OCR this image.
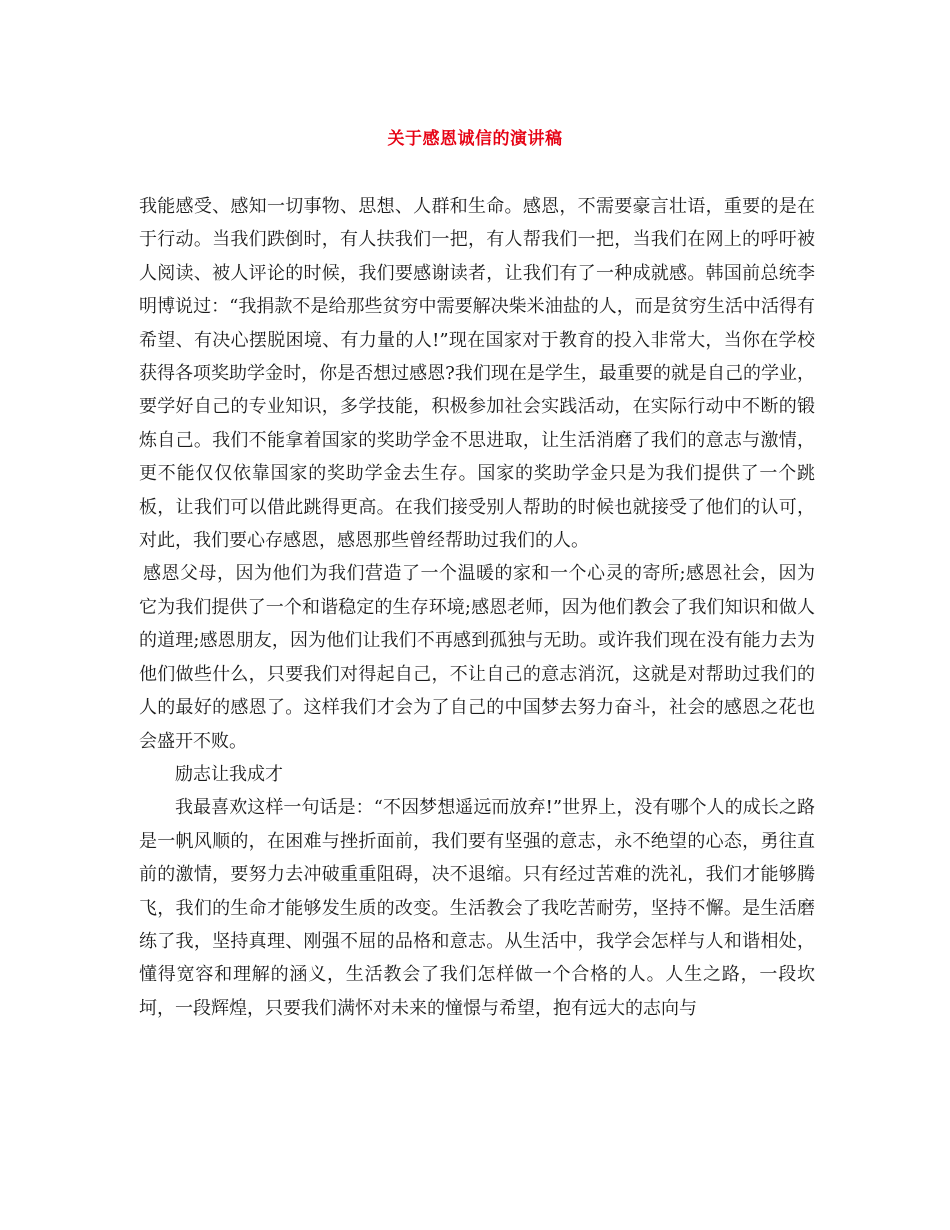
关于感恩诚信的演讲稿

我能感受、感知一切事物、思想、人群和生命。感恩，不需要豪言壮语，重要的是在于行动。当我们跌倒时，有人扶我们一把，有人帮我们一把，当我们在网上的呼吁被人阅读、被人评论的时候，我们要感谢读者，让我们有了一种成就感。韩国前总统李明博说过：“我捐款不是给那些贫穷中需要解决柴米油盐的人，而是贫穷生活中活得有希望、有决心摆脱困境、有力量的人!”现在国家对于教育的投入非常大，当你在学校获得各项奖助学金时，你是否想过感恩?我们现在是学生，最重要的就是自己的学业，要学好自己的专业知识，多学技能，积极参加社会实践活动，在实际行动中不断的锻炼自己。我们不能拿着国家的奖助学金不思进取，让生活消磨了我们的意志与激情，更不能仅仅依靠国家的奖助学金去生存。国家的奖助学金只是为我们提供了一个跳板，让我们可以借此跳得更高。在我们接受别人帮助的时候也就接受了他们的认可，对此，我们要心存感恩，感恩那些曾经帮助过我们的人。

感恩父母，因为他们为我们营造了一个温暖的家和一个心灵的寄所;感恩社会，因为它为我们提供了一个和谐稳定的生存环境;感恩老师，因为他们教会了我们知识和做人的道理;感恩朋友，因为他们让我们不再感到孤独与无助。或许我们现在没有能力去为他们做些什么，只要我们对得起自己，不让自己的意志消沉，这就是对帮助过我们的人的最好的感恩了。这样我们才会为了自己的中国梦去努力奋斗，社会的感恩之花也会盛开不败。

励志让我成才

我最喜欢这样一句话是：“不因梦想遥远而放弃!”世界上，没有哪个人的成长之路是一帆风顺的，在困难与挫折面前，我们要有坚强的意志，永不绝望的心态，勇往直前的激情，要努力去冲破重重阻碍，决不退缩。只有经过苦难的洗礼，我们才能够腾飞，我们的生命才能够发生质的改变。生活教会了我吃苦耐劳，坚持不懈。是生活磨练了我，坚持真理、刚强不屈的品格和意志。从生活中，我学会怎样与人和谐相处，懂得宽容和理解的涵义，生活教会了我们怎样做一个合格的人。人生之路，一段坎坷，一段辉煌，只要我们满怀对未来的憧憬与希望，抱有远大的志向与
